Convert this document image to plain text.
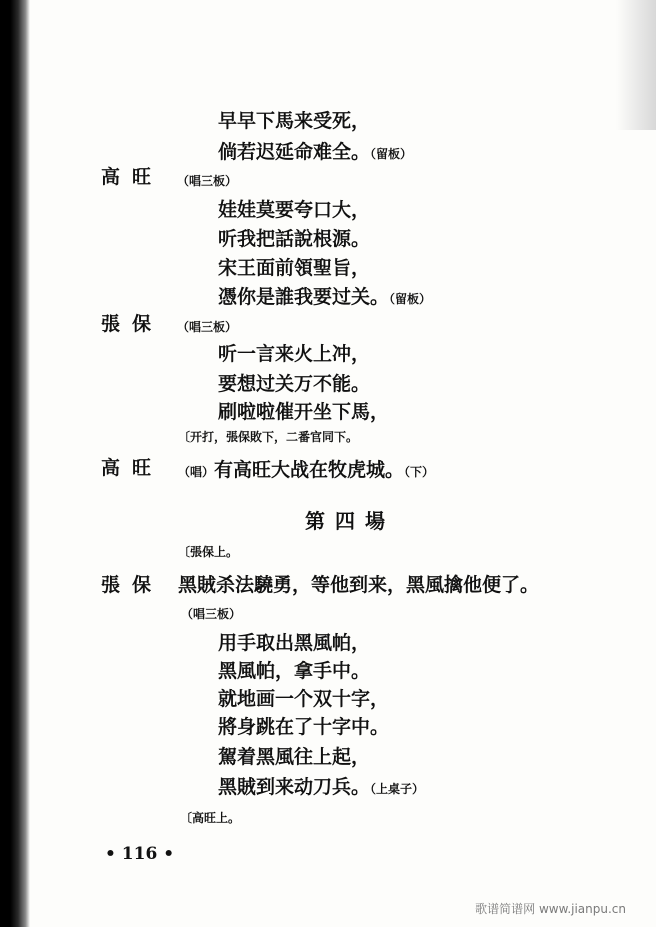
早早下馬来受死，
倘若迟延命难全。（留板）
高旺 （唱三板）
娃娃莫要夸口大，
听我把話說根源。
宋王面前領聖旨，
憑你是誰我要过关。（留板）
張保 （唱三板）
听一言来火上冲，
要想过关万不能。
刷啦啦催开坐下馬，
〔开打，張保敗下，二番官同下。
高旺 （唱）有高旺大战在牧虎城。（下）
第四場
〔張保上。
張保 黑賊杀法驍勇，等他到来，黑風擒他便了。
（唱三板）
用手取出黑風帕，
黑風帕，拿手中。
就地画一个双十字，
將身跳在了十字中。
駕着黑風往上起，
黑賊到来动刀兵。（上桌子）
〔高旺上。
• 116 •
歌谱简谱网 www.jianpu.cn
